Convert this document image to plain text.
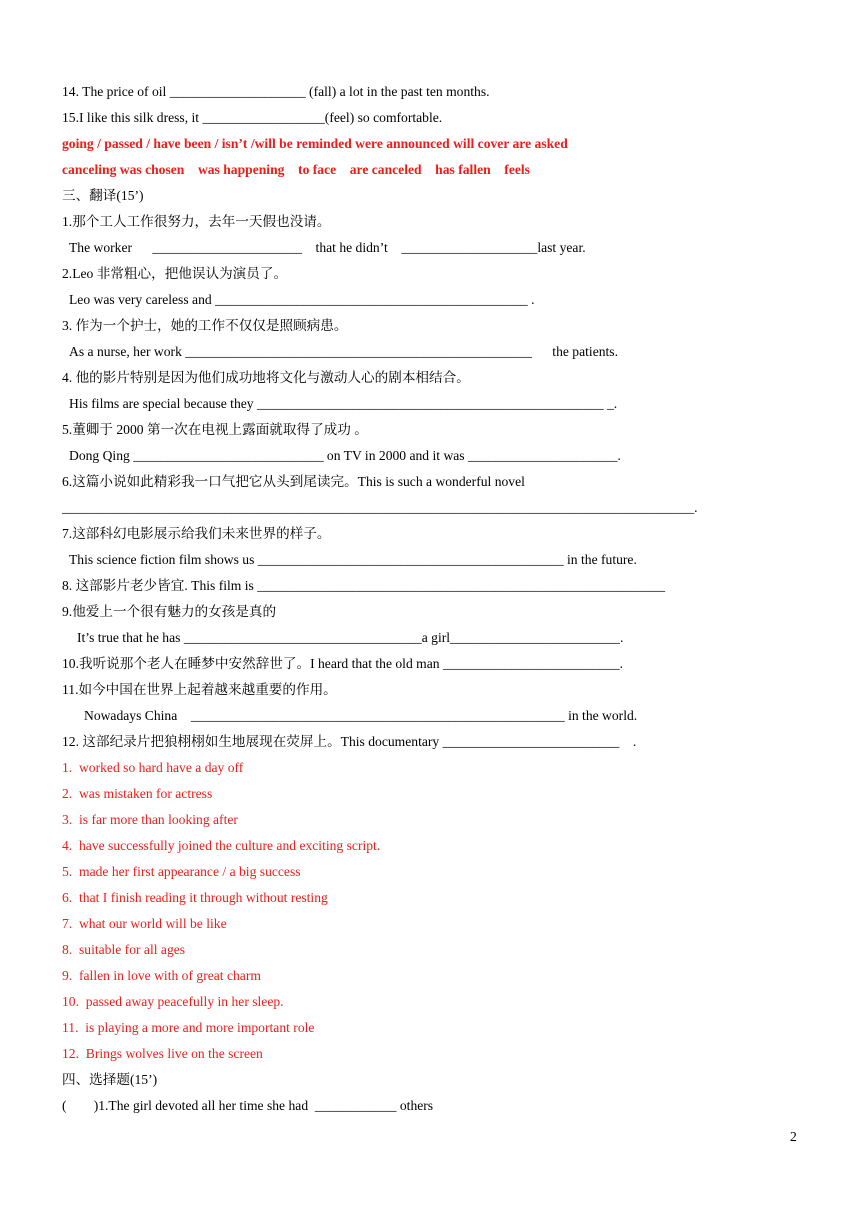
14. The price of oil ____________________ (fall) a lot in the past ten months.
15.I like this silk dress, it __________________(feel) so comfortable.
going / passed / have been / isn’t /will be reminded were announced will cover are asked
canceling was chosen    was happening    to face    are canceled    has fallen    feels
三、翻译(15’)
1.那个工人工作很努力，去年一天假也没请。
The worker      ______________________    that he didn’t    ____________________last year.
2.Leo 非常粗心，把他误认为演员了。
Leo was very careless and ______________________________________________ .
3. 作为一个护士，她的工作不仅仅是照顾病患。
As a nurse, her work ___________________________________________________      the patients.
4. 他的影片特别是因为他们成功地将文化与激动人心的剧本相结合。
His films are special because they ___________________________________________________ _.
5.董卿于 2000 第一次在电视上露面就取得了成功 。
Dong Qing ____________________________ on TV in 2000 and it was ______________________.
6.这篇小说如此精彩我一口气把它从头到尾读完。This is such a wonderful novel
_____________________________________________________________________________________________.
7.这部科幻电影展示给我们未来世界的样子。
This science fiction film shows us _____________________________________________ in the future.
8. 这部影片老少皆宜. This film is ____________________________________________________________
9.他爱上一个很有魅力的女孩是真的
It’s true that he has ___________________________________a girl_________________________.
10.我听说那个老人在睡梦中安然辞世了。I heard that the old man __________________________.
11.如今中国在世界上起着越来越重要的作用。
Nowadays China    _______________________________________________________ in the world.
12. 这部纪录片把狼栩栩如生地展现在荧屏上。This documentary __________________________    .
1.  worked so hard have a day off
2.  was mistaken for actress
3.  is far more than looking after
4.  have successfully joined the culture and exciting script.
5.  made her first appearance / a big success
6.  that I finish reading it through without resting
7.  what our world will be like
8.  suitable for all ages
9.  fallen in love with of great charm
10.  passed away peacefully in her sleep.
11.  is playing a more and more important role
12.  Brings wolves live on the screen
四、选择题(15’)
(        )1.The girl devoted all her time she had  ____________ others
2
